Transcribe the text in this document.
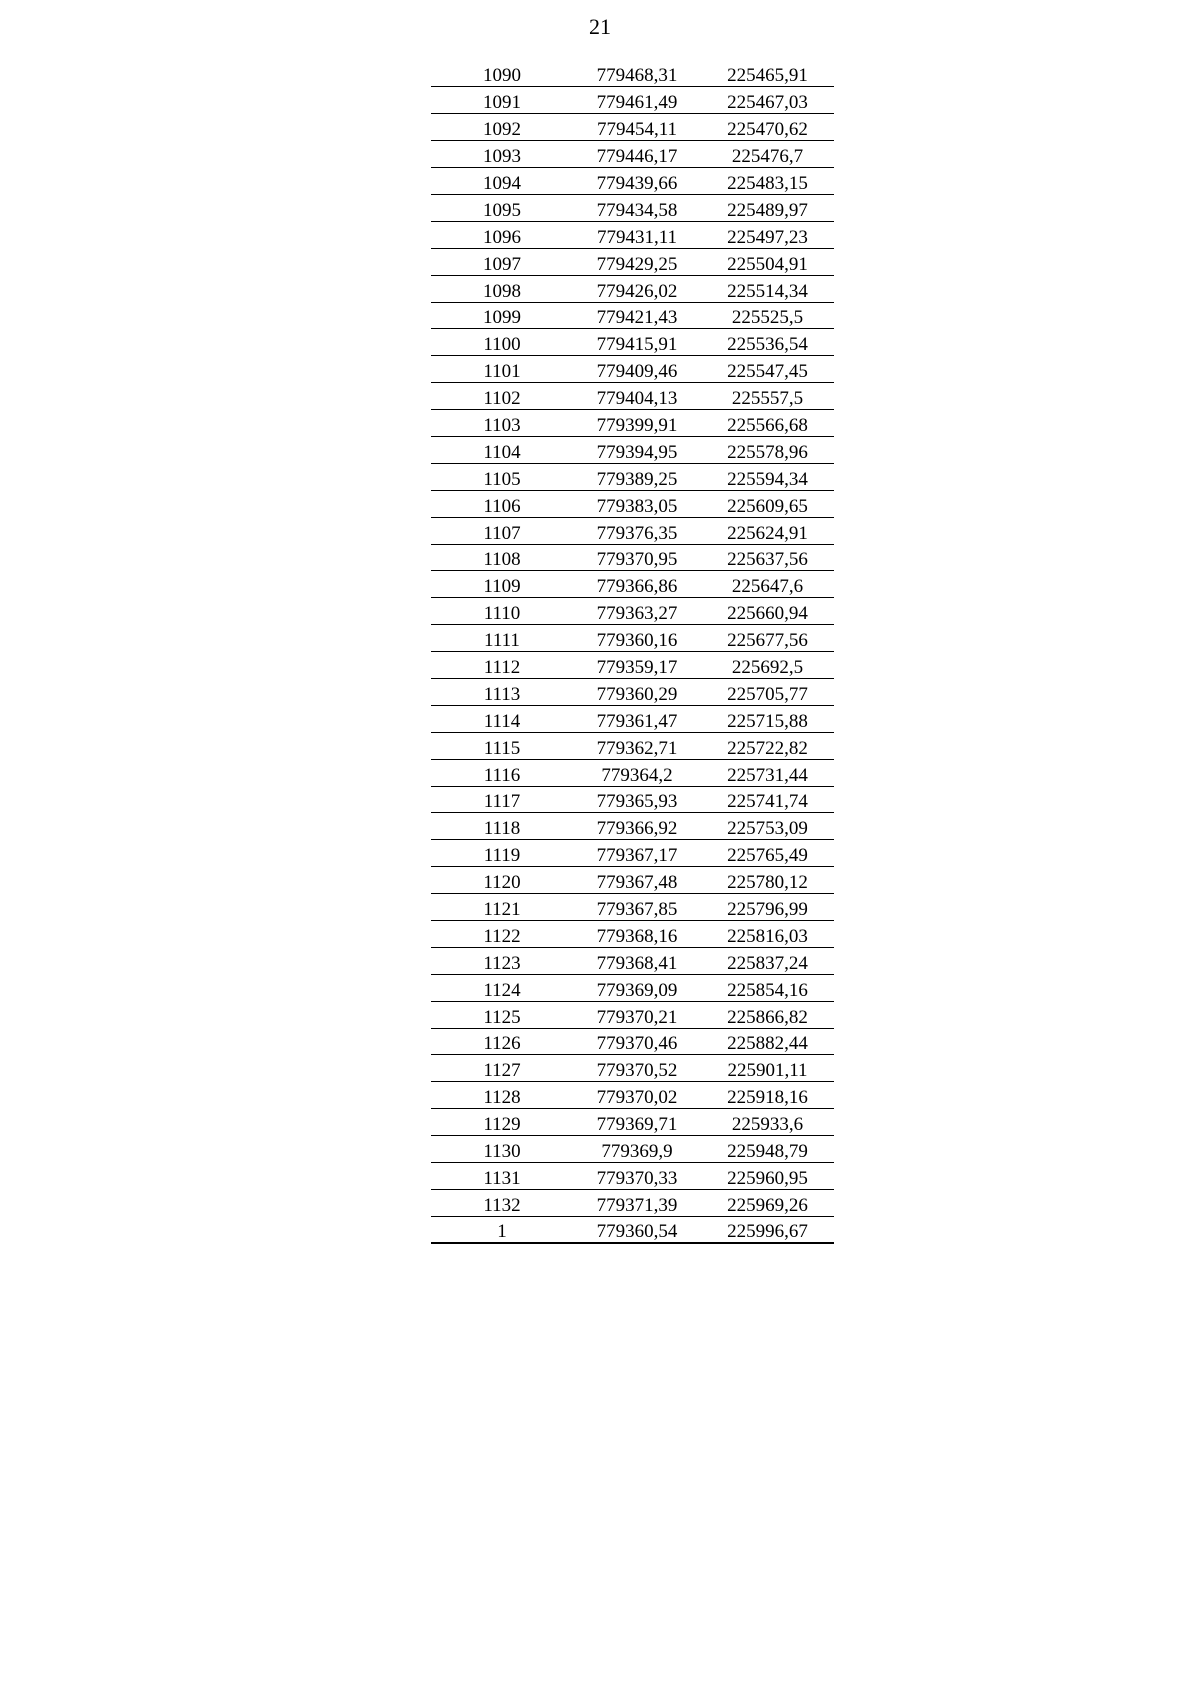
21
1090	779468,31	225465,91
1091	779461,49	225467,03
1092	779454,11	225470,62
1093	779446,17	225476,7
1094	779439,66	225483,15
1095	779434,58	225489,97
1096	779431,11	225497,23
1097	779429,25	225504,91
1098	779426,02	225514,34
1099	779421,43	225525,5
1100	779415,91	225536,54
1101	779409,46	225547,45
1102	779404,13	225557,5
1103	779399,91	225566,68
1104	779394,95	225578,96
1105	779389,25	225594,34
1106	779383,05	225609,65
1107	779376,35	225624,91
1108	779370,95	225637,56
1109	779366,86	225647,6
1110	779363,27	225660,94
1111	779360,16	225677,56
1112	779359,17	225692,5
1113	779360,29	225705,77
1114	779361,47	225715,88
1115	779362,71	225722,82
1116	779364,2	225731,44
1117	779365,93	225741,74
1118	779366,92	225753,09
1119	779367,17	225765,49
1120	779367,48	225780,12
1121	779367,85	225796,99
1122	779368,16	225816,03
1123	779368,41	225837,24
1124	779369,09	225854,16
1125	779370,21	225866,82
1126	779370,46	225882,44
1127	779370,52	225901,11
1128	779370,02	225918,16
1129	779369,71	225933,6
1130	779369,9	225948,79
1131	779370,33	225960,95
1132	779371,39	225969,26
1	779360,54	225996,67
